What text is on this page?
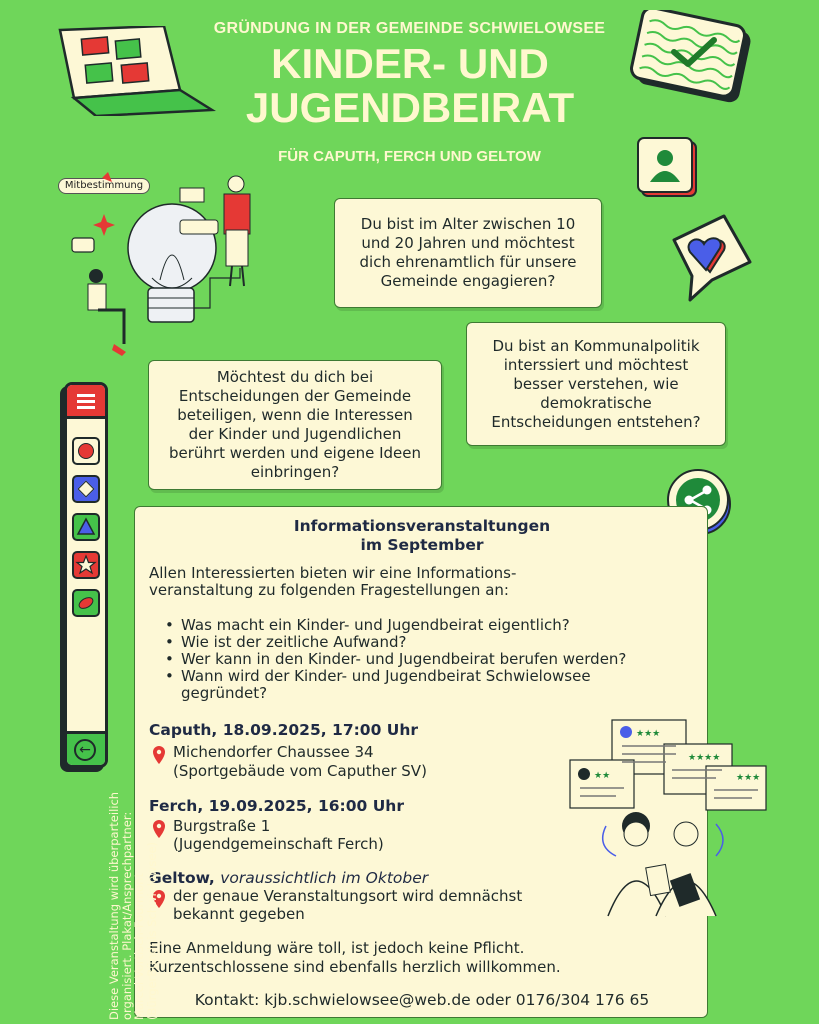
GRÜNDUNG IN DER GEMEINDE SCHWIELOWSEE
KINDER- UND
JUGENDBEIRAT
FÜR CAPUTH, FERCH UND GELTOW
Mitbestimmung
Du bist im Alter zwischen 10 und 20 Jahren und möchtest dich ehrenamtlich für unsere Gemeinde engagieren?
Du bist an Kommunalpolitik interssiert und möchtest besser verstehen, wie demokratische Entscheidungen entstehen?
Möchtest du dich bei Entscheidungen der Gemeinde beteiligen, wenn die Interessen der Kinder und Jugendlichen berührt werden und eigene Ideen einbringen?
←
Informationsveranstaltungen
im September
Allen Interessierten bieten wir eine Informations-
veranstaltung zu folgenden Fragestellungen an:
• Was macht ein Kinder- und Jugendbeirat eigentlich?
• Wie ist der zeitliche Aufwand?
• Wer kann in den Kinder- und Jugendbeirat berufen werden?
• Wann wird der Kinder- und Jugendbeirat Schwielowsee gegründet?
Caputh, 18.09.2025, 17:00 Uhr
Michendorfer Chaussee 34
(Sportgebäude vom Caputher SV)
Ferch, 19.09.2025, 16:00 Uhr
Burgstraße 1
(Jugendgemeinschaft Ferch)
Geltow, voraussichtlich im Oktober
der genaue Veranstaltungsort wird demnächst
bekannt gegeben
Eine Anmeldung wäre toll, ist jedoch keine Pflicht.
Kurzentschlossene sind ebenfalls herzlich willkommen.
Kontakt: kjb.schwielowsee@web.de oder 0176/304 176 65
★★★
★★
★★★★
★★★
Diese Veranstaltung wird überparteilich organisiert. Plakat/Ansprechpartner: Marcel Vortisch-Fourmont (BürgerBündnis Schwielowsee)
